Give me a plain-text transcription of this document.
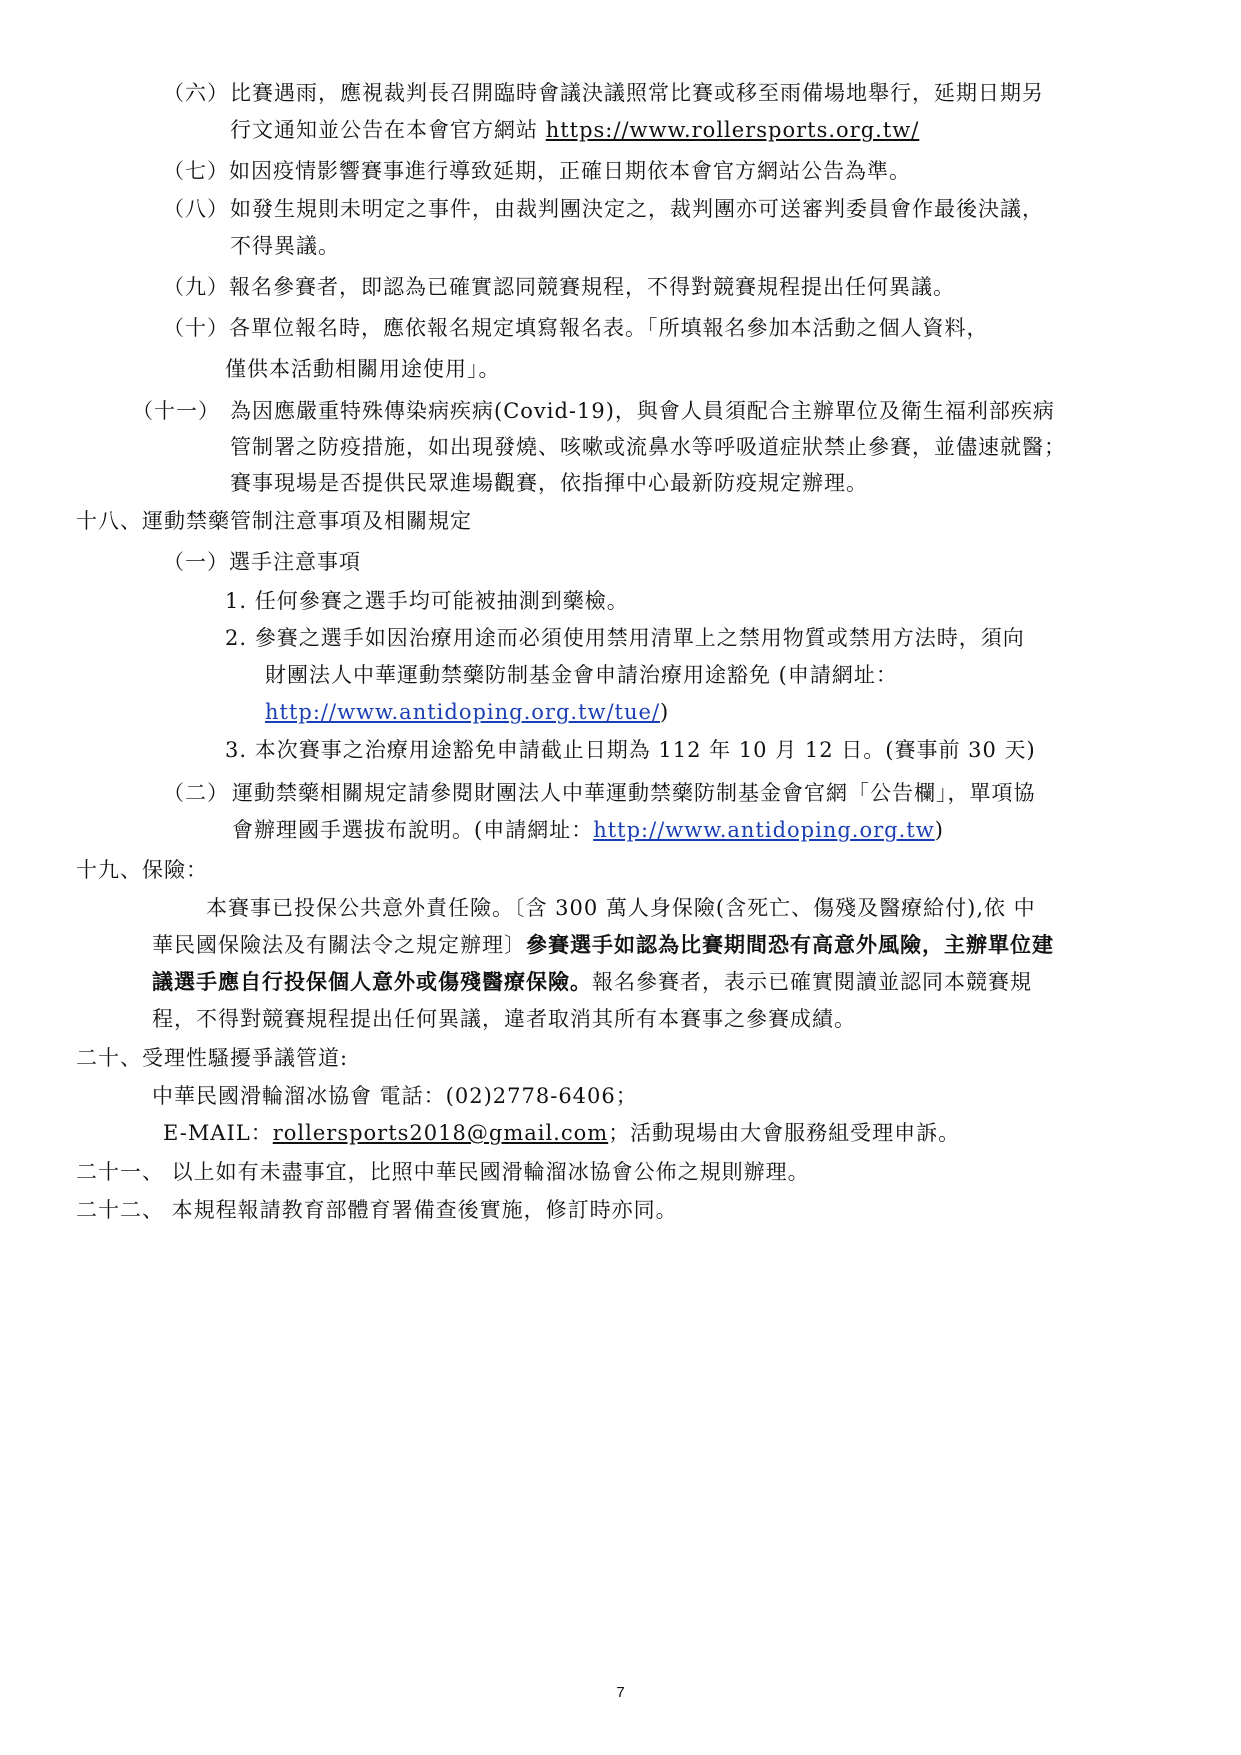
（六） 比賽遇雨，應視裁判長召開臨時會議決議照常比賽或移至雨備場地舉行，延期日期另
行文通知並公告在本會官方網站 https://www.rollersports.org.tw/
（七）如因疫情影響賽事進行導致延期，正確日期依本會官方網站公告為準。
（八） 如發生規則未明定之事件，由裁判團決定之，裁判團亦可送審判委員會作最後決議，
不得異議。
（九）報名參賽者，即認為已確實認同競賽規程，不得對競賽規程提出任何異議。
（十）各單位報名時，應依報名規定填寫報名表。「所填報名參加本活動之個人資料，
僅供本活動相關用途使用」。
（十一） 為因應嚴重特殊傳染病疾病(Covid-19)，與會人員須配合主辦單位及衛生福利部疾病
管制署之防疫措施，如出現發燒、咳嗽或流鼻水等呼吸道症狀禁止參賽，並儘速就醫；
賽事現場是否提供民眾進場觀賽，依指揮中心最新防疫規定辦理。
十八、運動禁藥管制注意事項及相關規定
（一）選手注意事項
1. 任何參賽之選手均可能被抽測到藥檢。
2. 參賽之選手如因治療用途而必須使用禁用清單上之禁用物質或禁用方法時，須向
財團法人中華運動禁藥防制基金會申請治療用途豁免 (申請網址：
http://www.antidoping.org.tw/tue/)
3. 本次賽事之治療用途豁免申請截止日期為 112 年 10 月 12 日。(賽事前 30 天)
（二） 運動禁藥相關規定請參閱財團法人中華運動禁藥防制基金會官網「公告欄」，單項協
會辦理國手選拔布說明。(申請網址：http://www.antidoping.org.tw)
十九、保險：
本賽事已投保公共意外責任險。〔含 300 萬人身保險(含死亡、傷殘及醫療給付),依 中
華民國保險法及有關法令之規定辦理〕參賽選手如認為比賽期間恐有高意外風險，主辦單位建
議選手應自行投保個人意外或傷殘醫療保險。報名參賽者，表示已確實閱讀並認同本競賽規
程，不得對競賽規程提出任何異議，違者取消其所有本賽事之參賽成績。
二十、受理性騷擾爭議管道:
中華民國滑輪溜冰協會 電話：(02)2778-6406；
E-MAIL：rollersports2018@gmail.com；活動現場由大會服務組受理申訴。
二十一、 以上如有未盡事宜，比照中華民國滑輪溜冰協會公佈之規則辦理。
二十二、 本規程報請教育部體育署備查後實施，修訂時亦同。
7
